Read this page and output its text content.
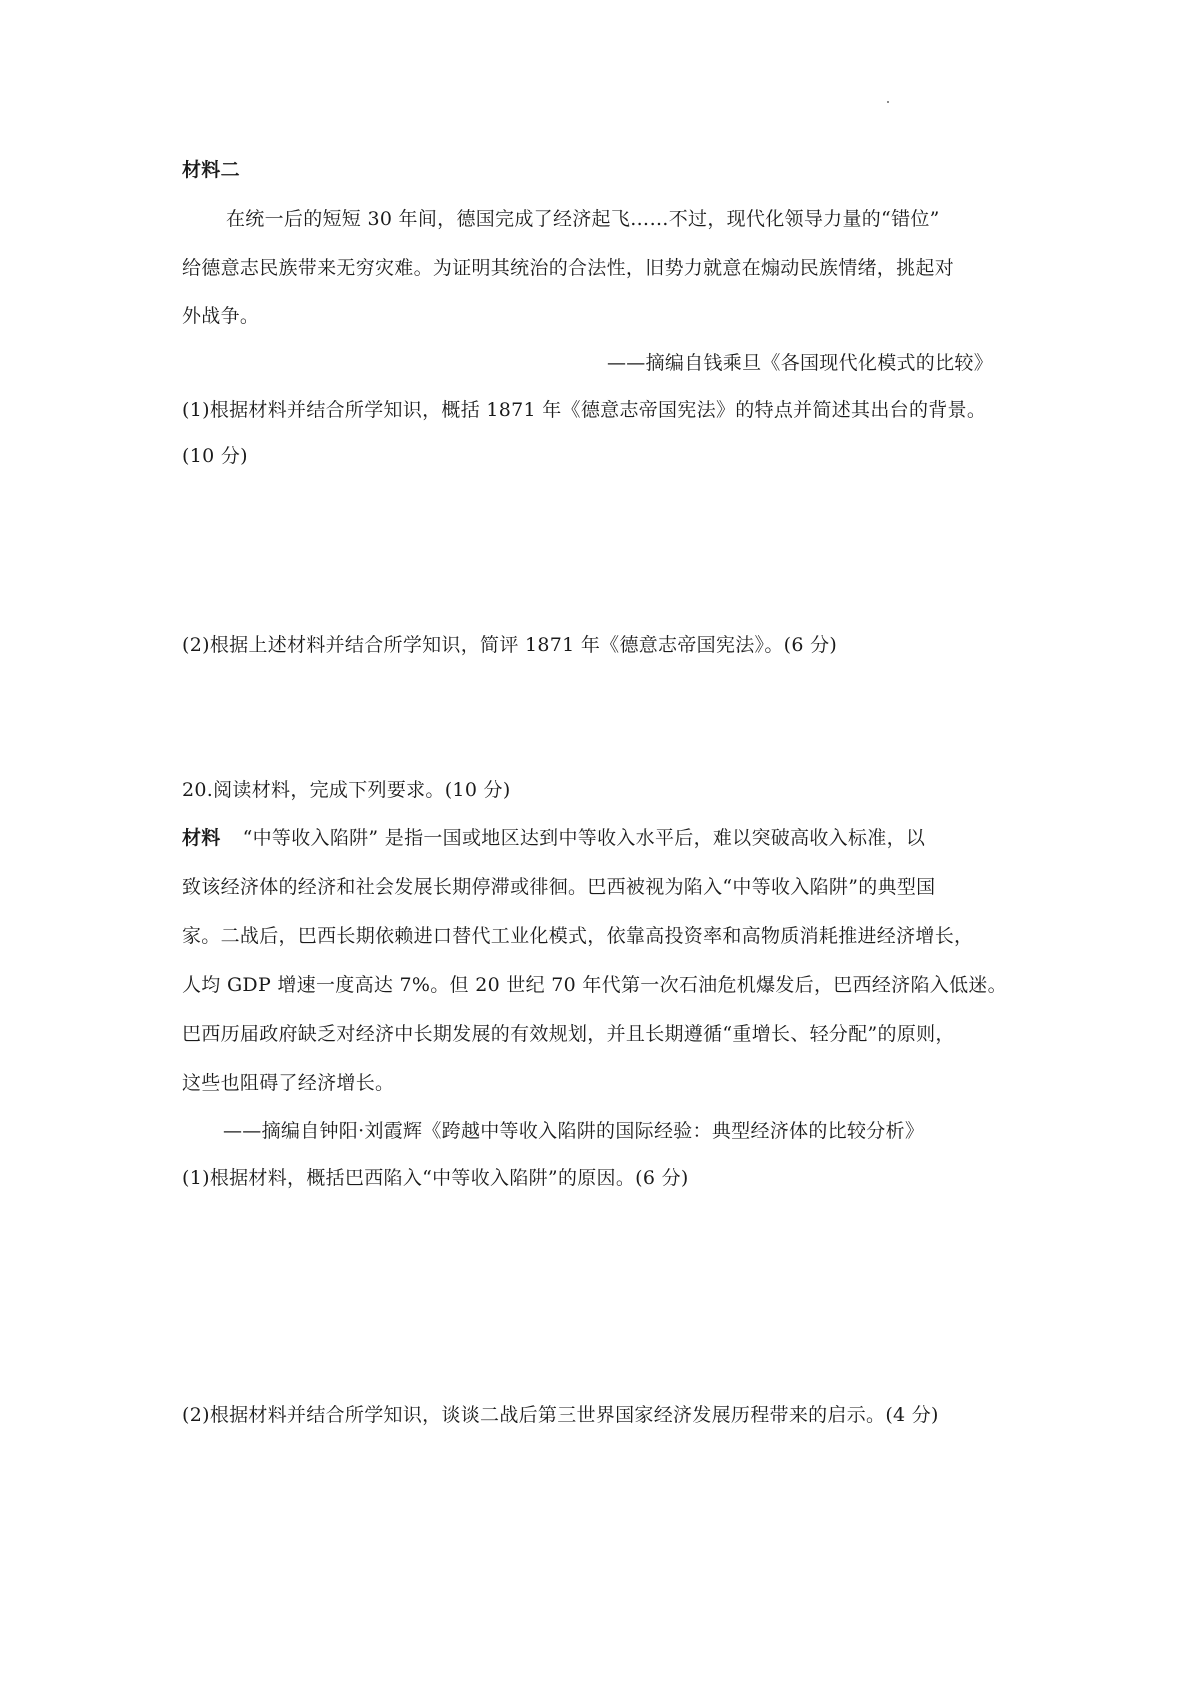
材料二
在统一后的短短 30 年间，德国完成了经济起飞……不过，现代化领导力量的“错位”
给德意志民族带来无穷灾难。为证明其统治的合法性，旧势力就意在煽动民族情绪，挑起对
外战争。
——摘编自钱乘旦《各国现代化模式的比较》
(1)根据材料并结合所学知识，概括 1871 年《德意志帝国宪法》的特点并简述其出台的背景。
(10 分)
(2)根据上述材料并结合所学知识，简评 1871 年《德意志帝国宪法》。(6 分)
20.阅读材料，完成下列要求。(10 分)
材料 “中等收入陷阱” 是指一国或地区达到中等收入水平后，难以突破高收入标准，以
致该经济体的经济和社会发展长期停滞或徘徊。巴西被视为陷入“中等收入陷阱”的典型国
家。二战后，巴西长期依赖进口替代工业化模式，依靠高投资率和高物质消耗推进经济增长，
人均 GDP 增速一度高达 7%。但 20 世纪 70 年代第一次石油危机爆发后，巴西经济陷入低迷。
巴西历届政府缺乏对经济中长期发展的有效规划，并且长期遵循“重增长、轻分配”的原则，
这些也阻碍了经济增长。
——摘编自钟阳·刘霞辉《跨越中等收入陷阱的国际经验：典型经济体的比较分析》
(1)根据材料，概括巴西陷入“中等收入陷阱”的原因。(6 分)
(2)根据材料并结合所学知识，谈谈二战后第三世界国家经济发展历程带来的启示。(4 分)
